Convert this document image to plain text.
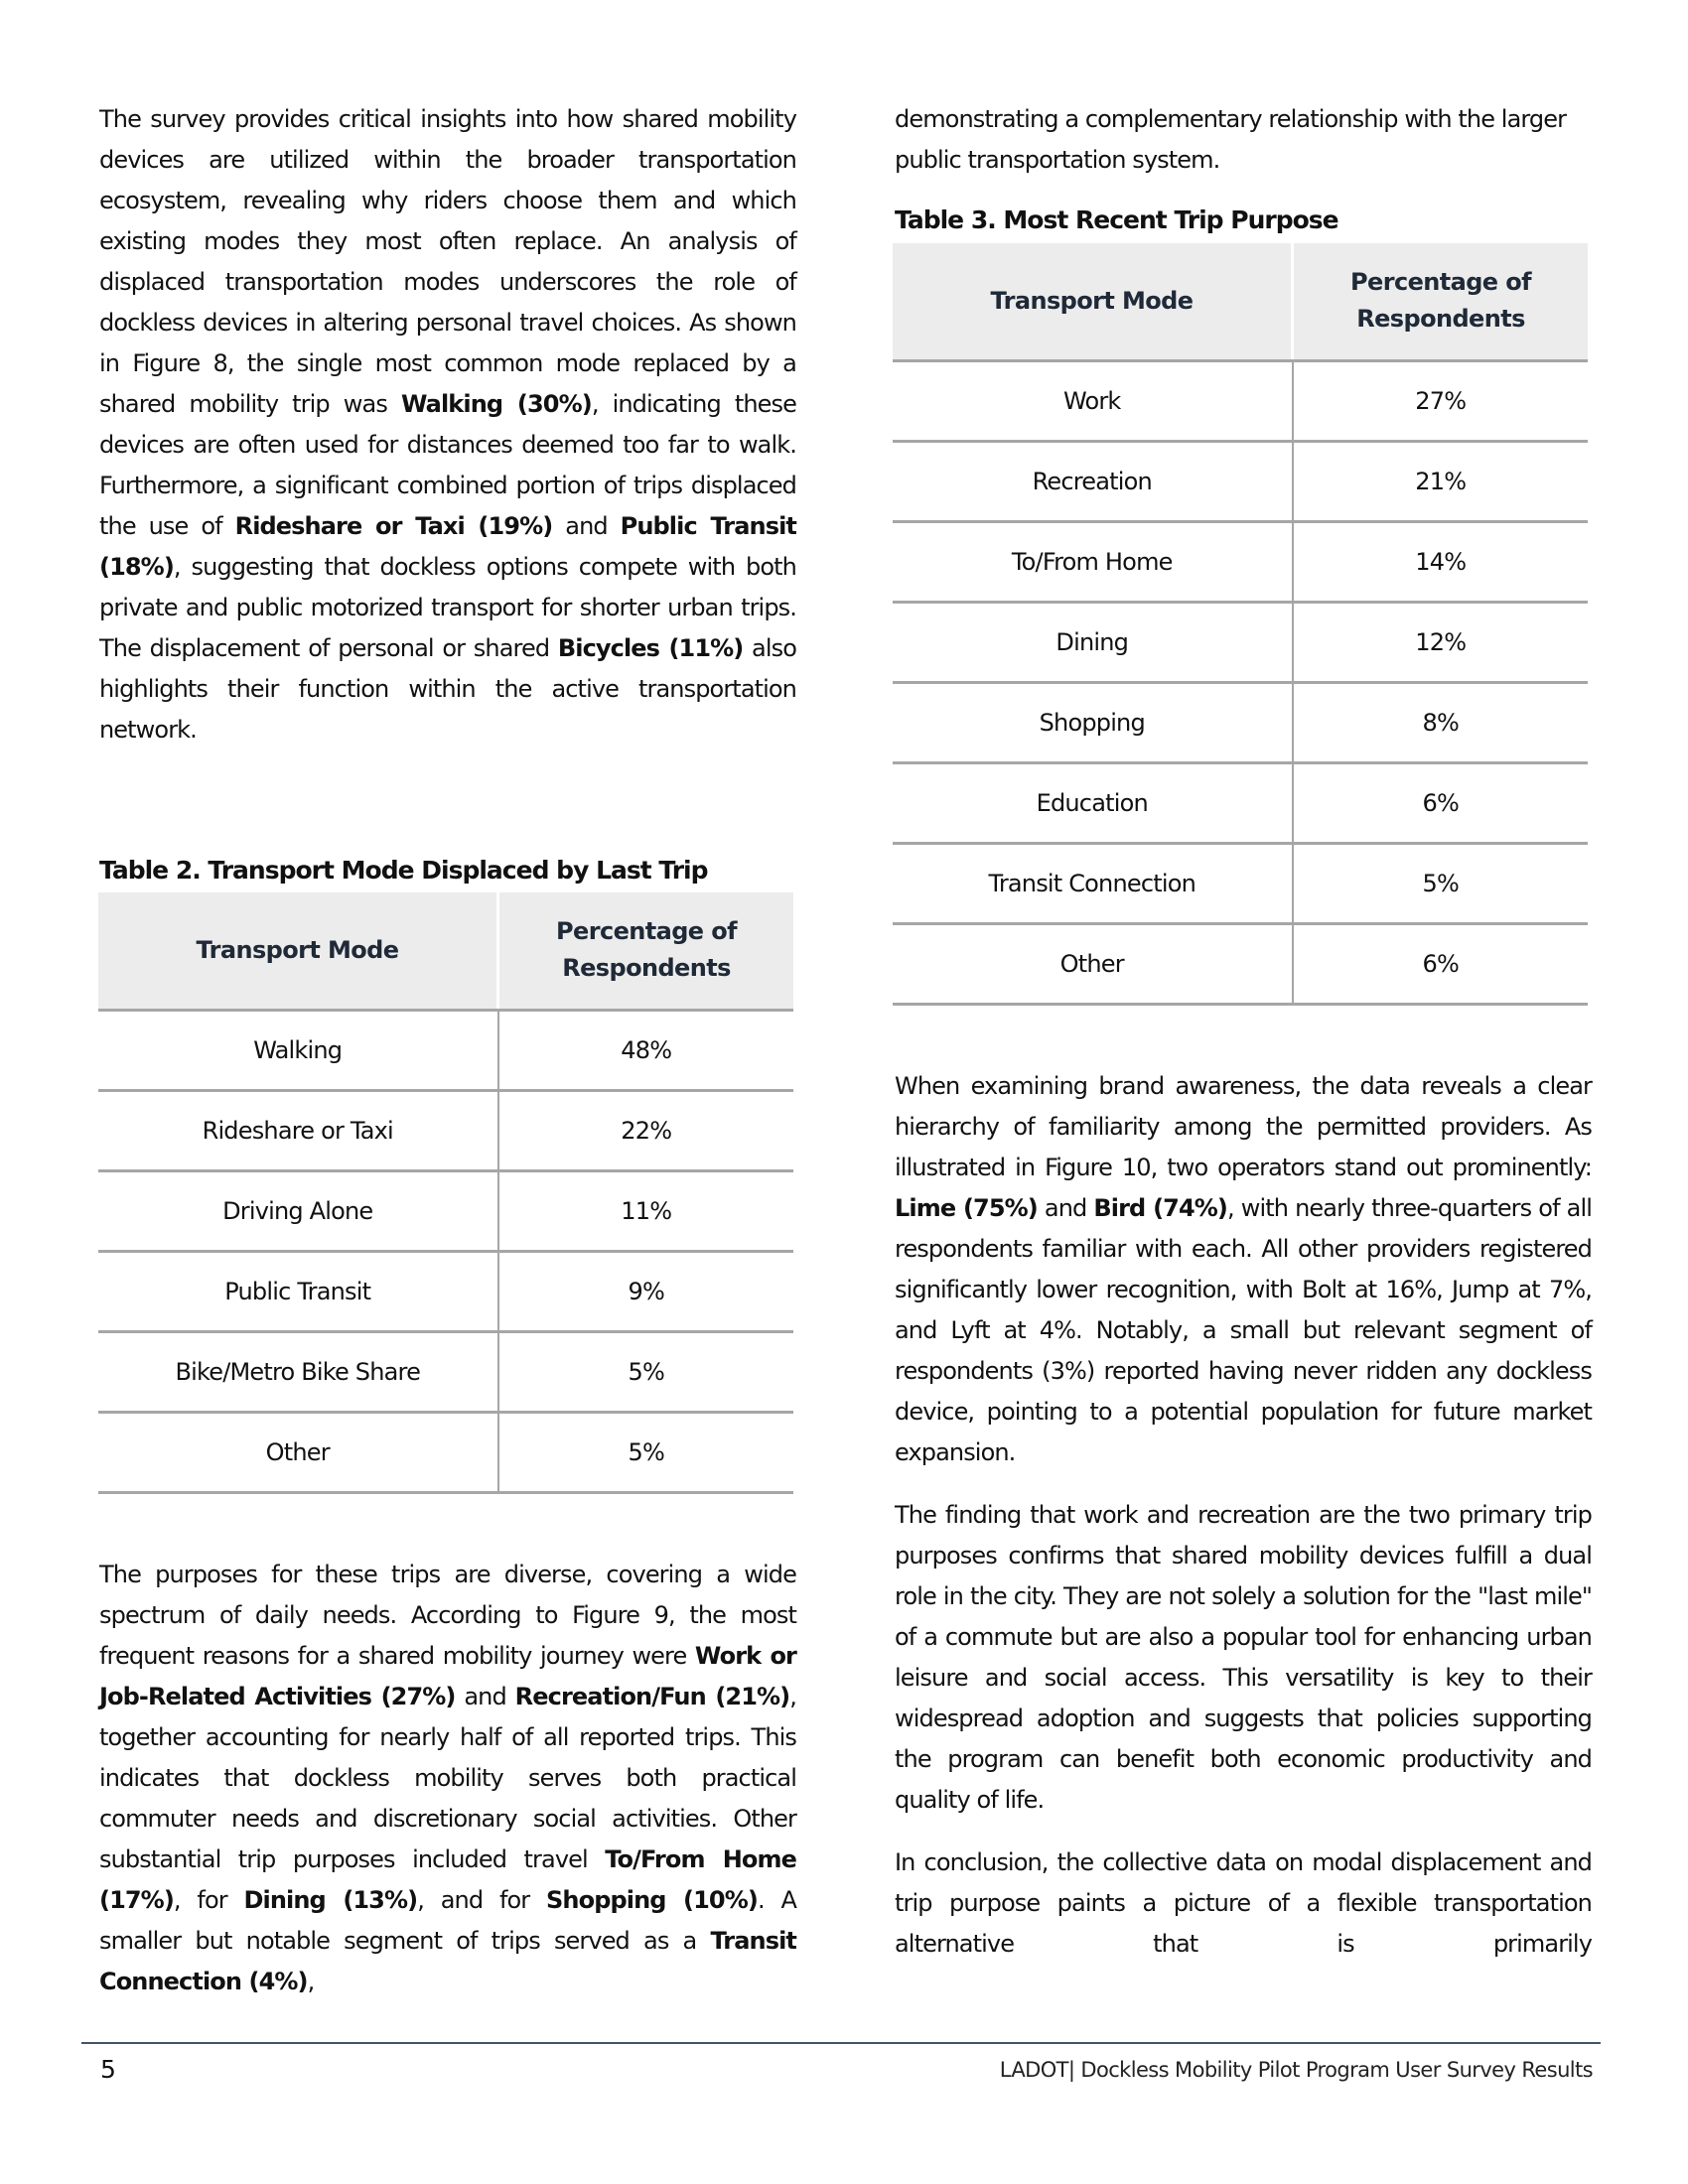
The survey provides critical insights into how shared mobility devices are utilized within the broader transportation ecosystem, revealing why riders choose them and which existing modes they most often replace. An analysis of displaced transportation modes underscores the role of dockless devices in altering personal travel choices. As shown in Figure 8, the single most common mode replaced by a shared mobility trip was Walking (30%), indicating these devices are often used for distances deemed too far to walk. Furthermore, a significant combined portion of trips displaced the use of Rideshare or Taxi (19%) and Public Transit (18%), suggesting that dockless options compete with both private and public motorized transport for shorter urban trips. The displacement of personal or shared Bicycles (11%) also highlights their function within the active transportation network.

Table 2. Transport Mode Displaced by Last Trip
Transport Mode	Percentage of Respondents
Walking	48%
Rideshare or Taxi	22%
Driving Alone	11%
Public Transit	9%
Bike/Metro Bike Share	5%
Other	5%

The purposes for these trips are diverse, covering a wide spectrum of daily needs. According to Figure 9, the most frequent reasons for a shared mobility journey were Work or Job-Related Activities (27%) and Recreation/Fun (21%), together accounting for nearly half of all reported trips. This indicates that dockless mobility serves both practical commuter needs and discretionary social activities. Other substantial trip purposes included travel To/From Home (17%), for Dining (13%), and for Shopping (10%). A smaller but notable segment of trips served as a Transit Connection (4%),

demonstrating a complementary relationship with the larger public transportation system.

Table 3. Most Recent Trip Purpose
Transport Mode	Percentage of Respondents
Work	27%
Recreation	21%
To/From Home	14%
Dining	12%
Shopping	8%
Education	6%
Transit Connection	5%
Other	6%

When examining brand awareness, the data reveals a clear hierarchy of familiarity among the permitted providers. As illustrated in Figure 10, two operators stand out prominently: Lime (75%) and Bird (74%), with nearly three-quarters of all respondents familiar with each. All other providers registered significantly lower recognition, with Bolt at 16%, Jump at 7%, and Lyft at 4%. Notably, a small but relevant segment of respondents (3%) reported having never ridden any dockless device, pointing to a potential population for future market expansion.

The finding that work and recreation are the two primary trip purposes confirms that shared mobility devices fulfill a dual role in the city. They are not solely a solution for the "last mile" of a commute but are also a popular tool for enhancing urban leisure and social access. This versatility is key to their widespread adoption and suggests that policies supporting the program can benefit both economic productivity and quality of life.

In conclusion, the collective data on modal displacement and trip purpose paints a picture of a flexible transportation alternative that is primarily

5	LADOT| Dockless Mobility Pilot Program User Survey Results
